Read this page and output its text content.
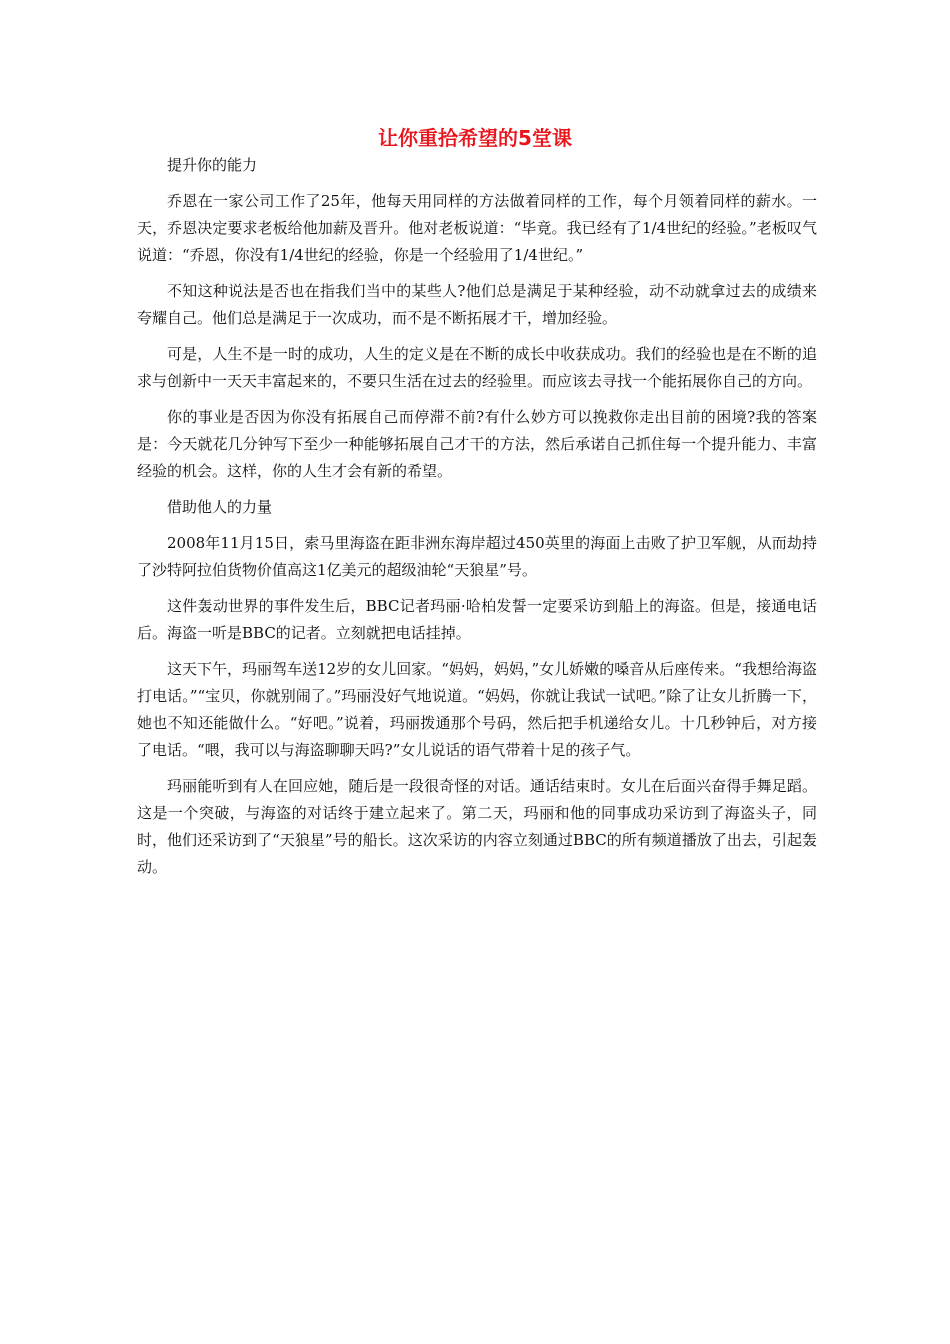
让你重拾希望的5堂课

提升你的能力

乔恩在一家公司工作了25年，他每天用同样的方法做着同样的工作，每个月领着同样的薪水。一天，乔恩决定要求老板给他加薪及晋升。他对老板说道：“毕竟。我已经有了1/4世纪的经验。”老板叹气说道：“乔恩，你没有1/4世纪的经验，你是一个经验用了1/4世纪。”

不知这种说法是否也在指我们当中的某些人?他们总是满足于某种经验，动不动就拿过去的成绩来夸耀自己。他们总是满足于一次成功，而不是不断拓展才干，增加经验。

可是，人生不是一时的成功，人生的定义是在不断的成长中收获成功。我们的经验也是在不断的追求与创新中一天天丰富起来的，不要只生活在过去的经验里。而应该去寻找一个能拓展你自己的方向。

你的事业是否因为你没有拓展自己而停滞不前?有什么妙方可以挽救你走出目前的困境?我的答案是：今天就花几分钟写下至少一种能够拓展自己才干的方法，然后承诺自己抓住每一个提升能力、丰富经验的机会。这样，你的人生才会有新的希望。

借助他人的力量

2008年11月15日，索马里海盗在距非洲东海岸超过450英里的海面上击败了护卫军舰，从而劫持了沙特阿拉伯货物价值高这1亿美元的超级油轮“天狼星”号。

这件轰动世界的事件发生后，BBC记者玛丽·哈柏发誓一定要采访到船上的海盗。但是，接通电话后。海盗一听是BBC的记者。立刻就把电话挂掉。

这天下午，玛丽驾车送12岁的女儿回家。“妈妈，妈妈，”女儿娇嫩的嗓音从后座传来。“我想给海盗打电话。”“宝贝，你就别闹了。”玛丽没好气地说道。“妈妈，你就让我试一试吧。”除了让女儿折腾一下，她也不知还能做什么。“好吧。”说着，玛丽拨通那个号码，然后把手机递给女儿。十几秒钟后，对方接了电话。“喂，我可以与海盗聊聊天吗?”女儿说话的语气带着十足的孩子气。

玛丽能听到有人在回应她，随后是一段很奇怪的对话。通话结束时。女儿在后面兴奋得手舞足蹈。这是一个突破，与海盗的对话终于建立起来了。第二天，玛丽和他的同事成功采访到了海盗头子，同时，他们还采访到了“天狼星”号的船长。这次采访的内容立刻通过BBC的所有频道播放了出去，引起轰动。
